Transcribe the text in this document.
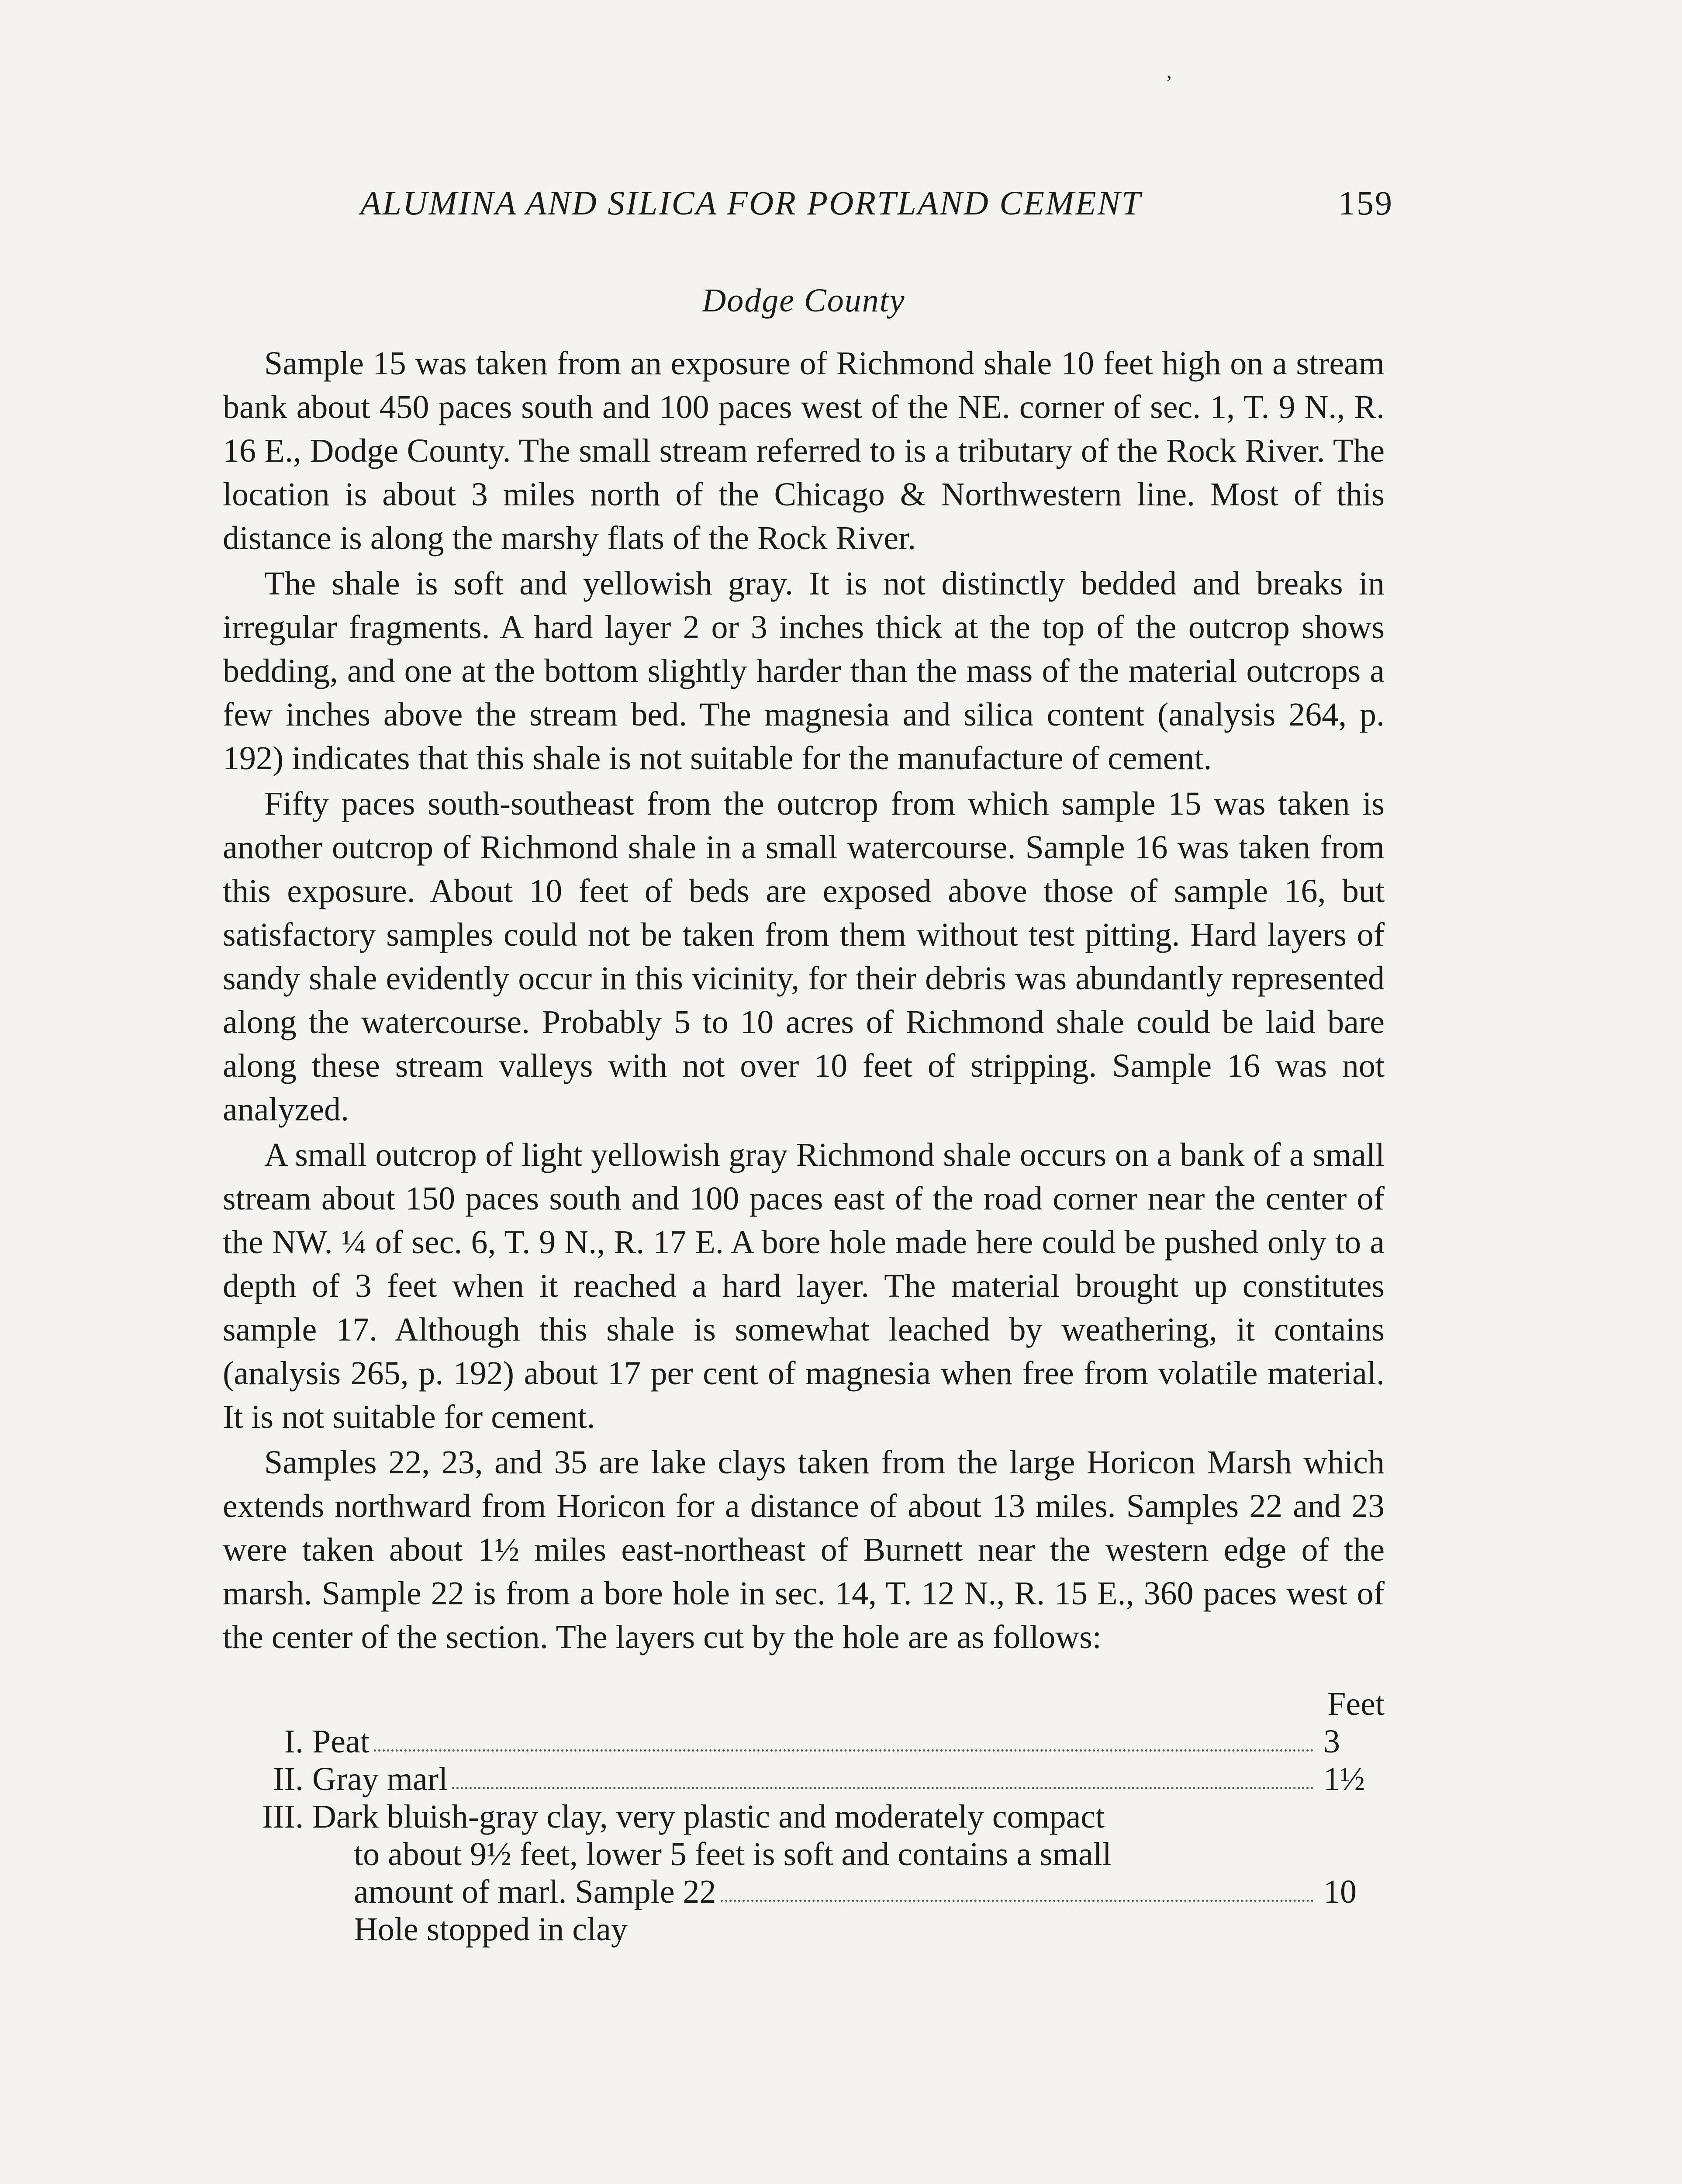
ALUMINA AND SILICA FOR PORTLAND CEMENT	159
Dodge County

Sample 15 was taken from an exposure of Richmond shale 10 feet high on a stream bank about 450 paces south and 100 paces west of the NE. corner of sec. 1, T. 9 N., R. 16 E., Dodge County. The small stream referred to is a tributary of the Rock River. The location is about 3 miles north of the Chicago & Northwestern line. Most of this distance is along the marshy flats of the Rock River.

The shale is soft and yellowish gray. It is not distinctly bedded and breaks in irregular fragments. A hard layer 2 or 3 inches thick at the top of the outcrop shows bedding, and one at the bottom slightly harder than the mass of the material outcrops a few inches above the stream bed. The magnesia and silica content (analysis 264, p. 192) indicates that this shale is not suitable for the manufacture of cement.

Fifty paces south-southeast from the outcrop from which sample 15 was taken is another outcrop of Richmond shale in a small watercourse. Sample 16 was taken from this exposure. About 10 feet of beds are exposed above those of sample 16, but satisfactory samples could not be taken from them without test pitting. Hard layers of sandy shale evidently occur in this vicinity, for their debris was abundantly represented along the watercourse. Probably 5 to 10 acres of Richmond shale could be laid bare along these stream valleys with not over 10 feet of stripping. Sample 16 was not analyzed.

A small outcrop of light yellowish gray Richmond shale occurs on a bank of a small stream about 150 paces south and 100 paces east of the road corner near the center of the NW. ¼ of sec. 6, T. 9 N., R. 17 E. A bore hole made here could be pushed only to a depth of 3 feet when it reached a hard layer. The material brought up constitutes sample 17. Although this shale is somewhat leached by weathering, it contains (analysis 265, p. 192) about 17 per cent of magnesia when free from volatile material. It is not suitable for cement.

Samples 22, 23, and 35 are lake clays taken from the large Horicon Marsh which extends northward from Horicon for a distance of about 13 miles. Samples 22 and 23 were taken about 1½ miles east-northeast of Burnett near the western edge of the marsh. Sample 22 is from a bore hole in sec. 14, T. 12 N., R. 15 E., 360 paces west of the center of the section. The layers cut by the hole are as follows:

Feet
I. Peat	3
II. Gray marl	1½
III. Dark bluish-gray clay, very plastic and moderately compact
to about 9½ feet, lower 5 feet is soft and contains a small
amount of marl. Sample 22	10
Hole stopped in clay
’
